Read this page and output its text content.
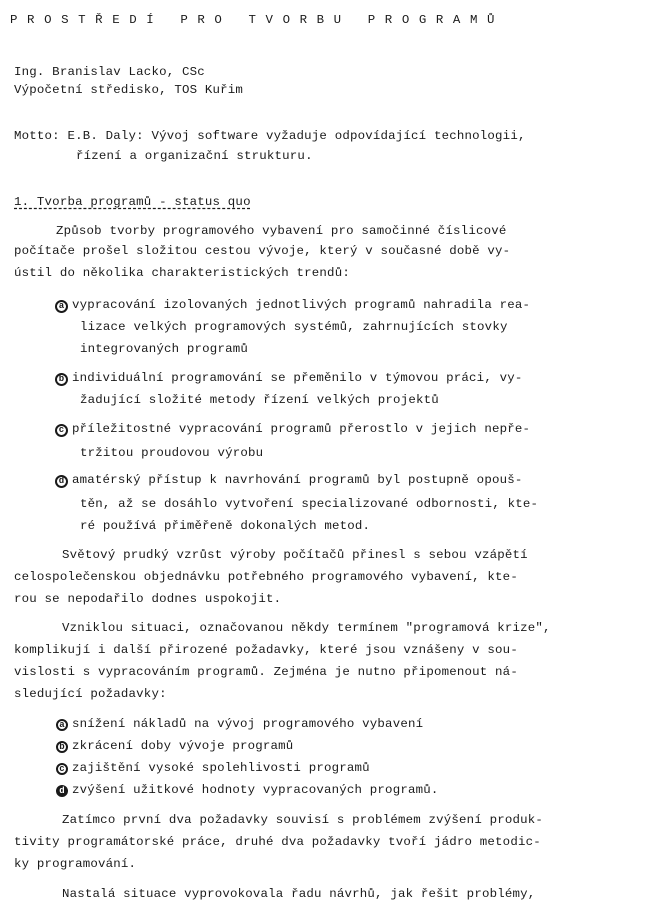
PROSTŘEDÍ PRO TVORBU PROGRAMŮ
Ing. Branislav Lacko, CSc
Výpočetní středisko, TOS Kuřim
Motto: E.B. Daly: Vývoj software vyžaduje odpovídající technologii,
řízení a organizační strukturu.
1. Tvorba programů - status quo
Způsob tvorby programového vybavení pro samočinné číslicové
počítače prošel složitou cestou vývoje, který v současné době vy-
ústil do několika charakteristických trendů:
a vypracování izolovaných jednotlivých programů nahradila rea-
lizace velkých programových systémů, zahrnujících stovky
integrovaných programů
b individuální programování se přeměnilo v týmovou práci, vy-
žadující složité metody řízení velkých projektů
c příležitostné vypracování programů přerostlo v jejich nepře-
tržitou proudovou výrobu
d amatérský přístup k navrhování programů byl postupně opouš-
těn, až se dosáhlo vytvoření specializované odbornosti, kte-
ré používá přiměřeně dokonalých metod.
Světový prudký vzrůst výroby počítačů přinesl s sebou vzápětí
celospolečenskou objednávku potřebného programového vybavení, kte-
rou se nepodařilo dodnes uspokojit.
Vzniklou situaci, označovanou někdy termínem "programová krize",
komplikují i další přirozené požadavky, které jsou vznášeny v sou-
vislosti s vypracováním programů. Zejména je nutno připomenout ná-
sledující požadavky:
a snížení nákladů na vývoj programového vybavení
b zkrácení doby vývoje programů
c zajištění vysoké spolehlivosti programů
d zvýšení užitkové hodnoty vypracovaných programů.
Zatímco první dva požadavky souvisí s problémem zvýšení produk-
tivity programátorské práce, druhé dva požadavky tvoří jádro metodic-
ky programování.
Nastalá situace vyprovokovala řadu návrhů, jak řešit problémy,
